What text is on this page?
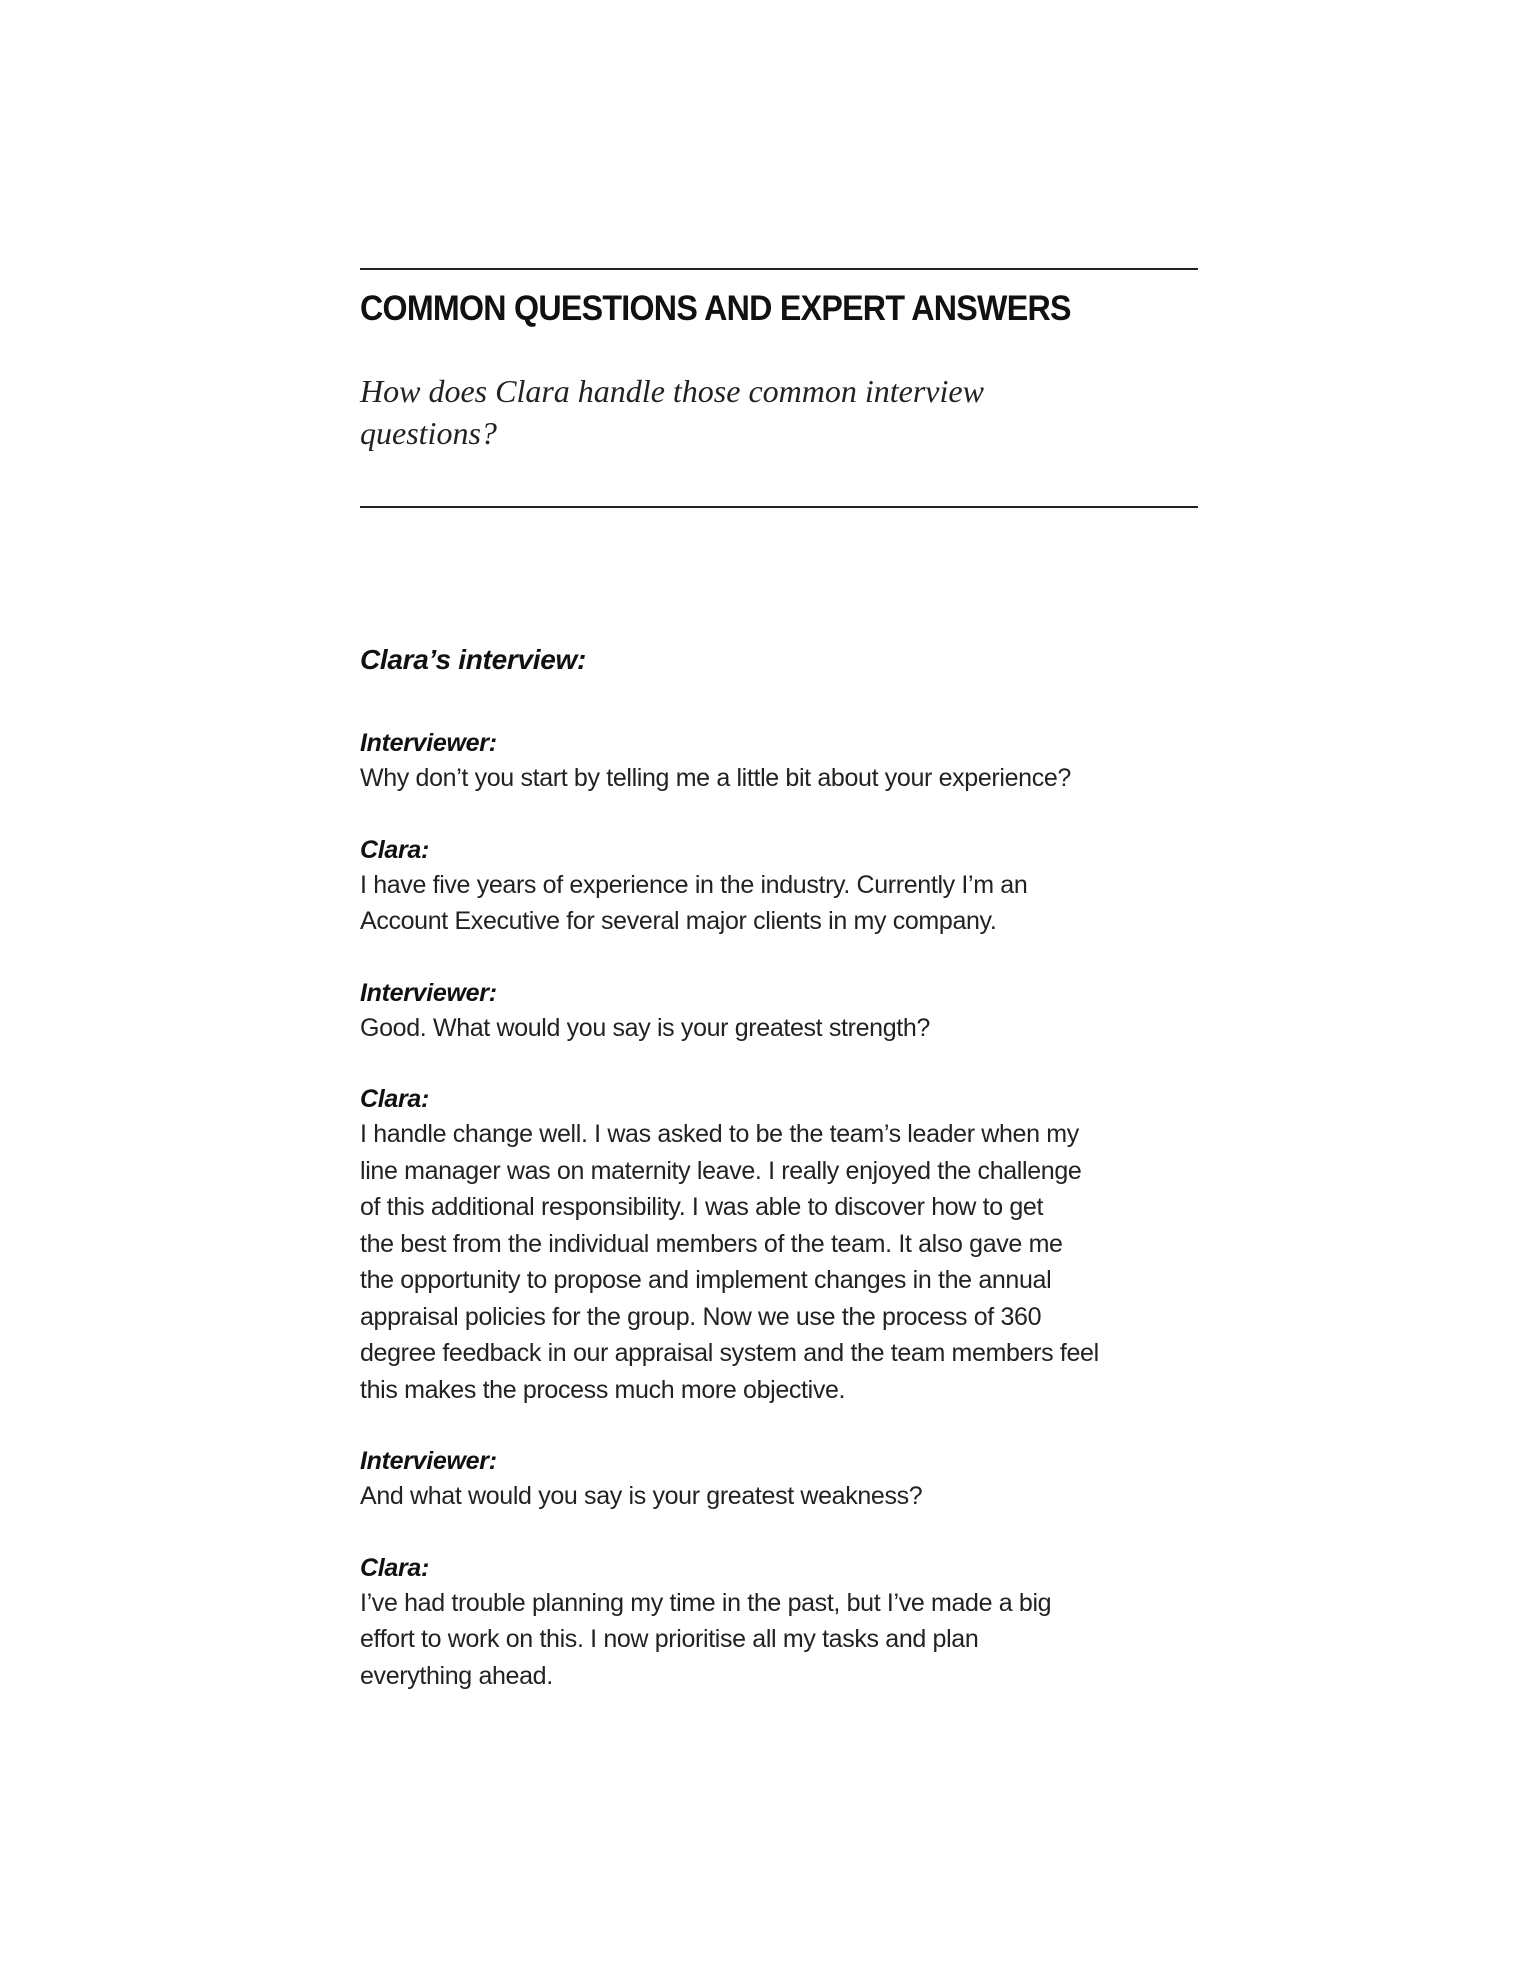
COMMON QUESTIONS AND EXPERT ANSWERS
How does Clara handle those common interview
questions?
Clara’s interview:
Interviewer:
Why don’t you start by telling me a little bit about your experience?
Clara:
I have five years of experience in the industry. Currently I’m an
Account Executive for several major clients in my company.
Interviewer:
Good. What would you say is your greatest strength?
Clara:
I handle change well. I was asked to be the team’s leader when my
line manager was on maternity leave. I really enjoyed the challenge
of this additional responsibility. I was able to discover how to get
the best from the individual members of the team. It also gave me
the opportunity to propose and implement changes in the annual
appraisal policies for the group. Now we use the process of 360
degree feedback in our appraisal system and the team members feel
this makes the process much more objective.
Interviewer:
And what would you say is your greatest weakness?
Clara:
I’ve had trouble planning my time in the past, but I’ve made a big
effort to work on this. I now prioritise all my tasks and plan
everything ahead.
